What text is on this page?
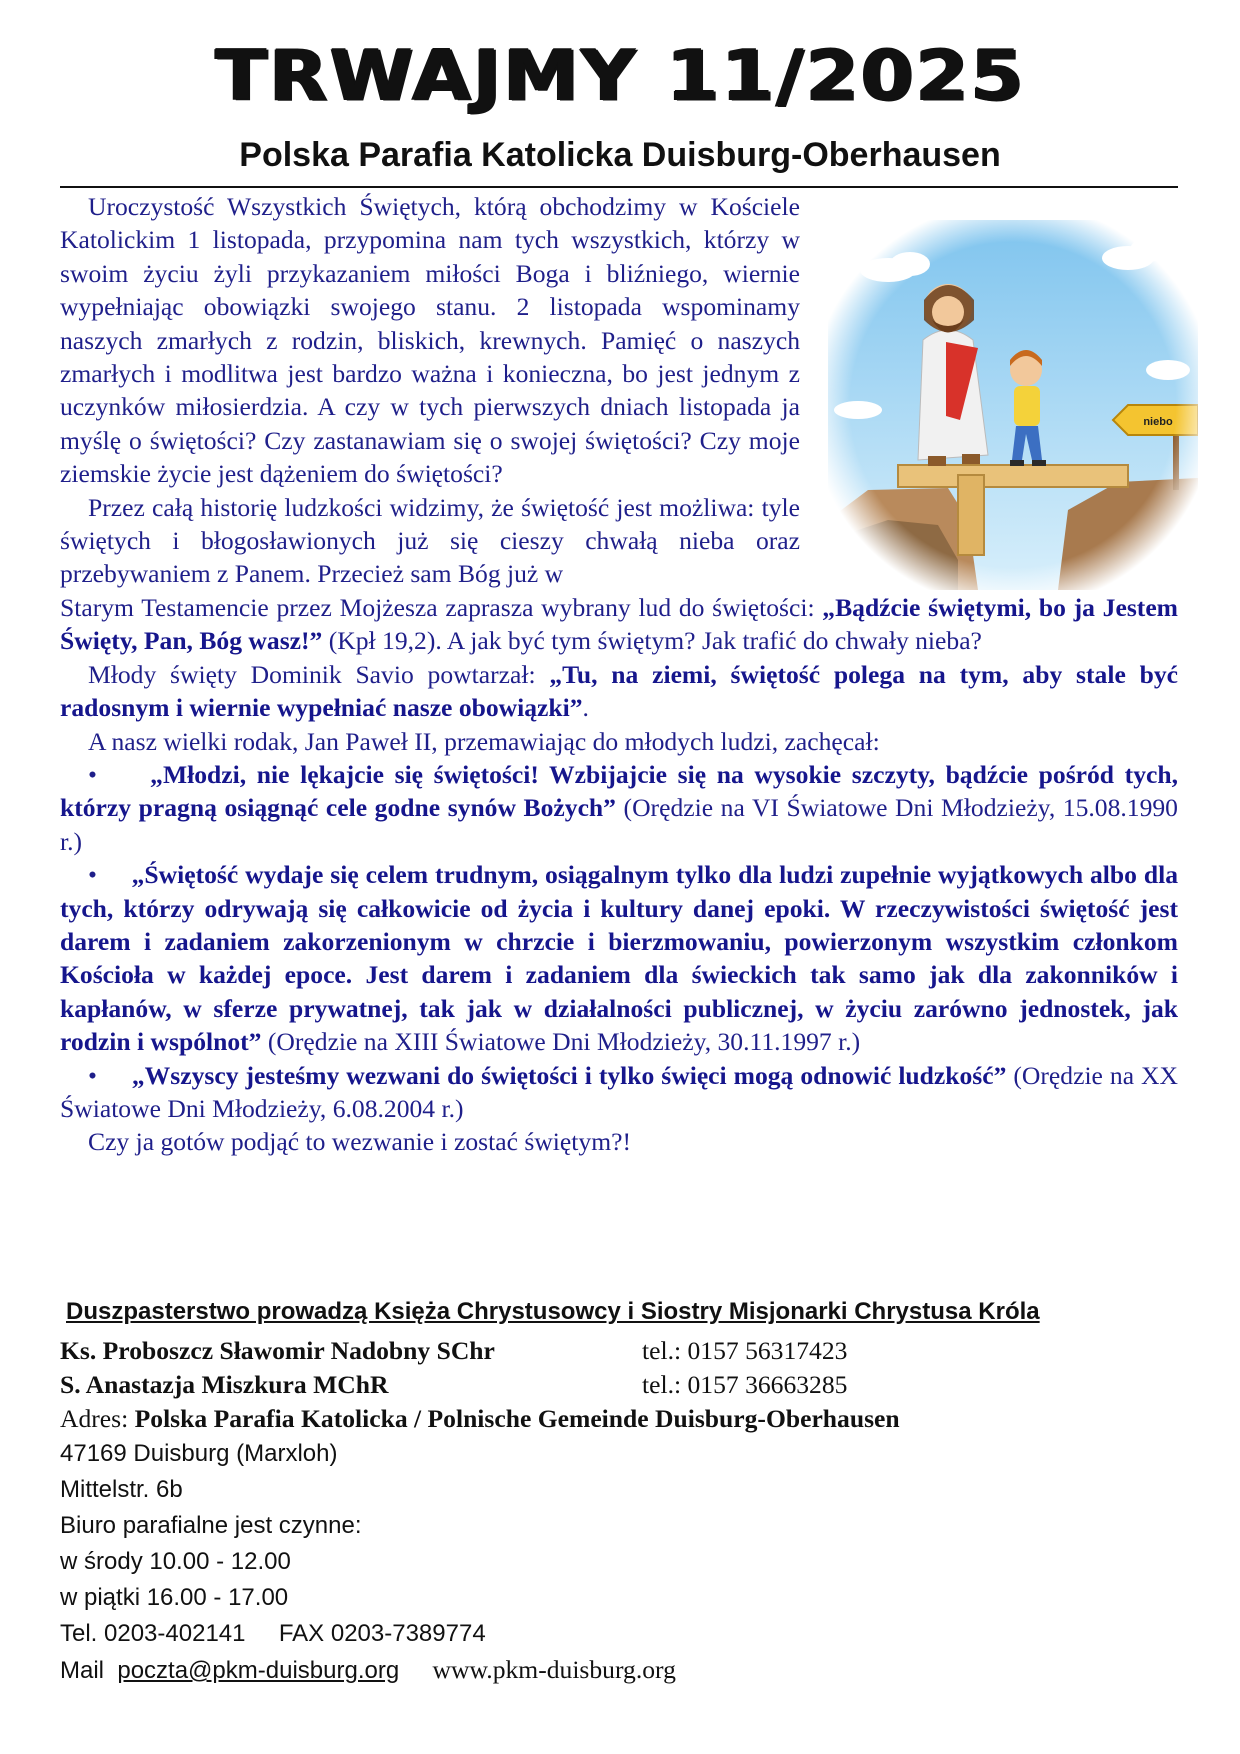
TRWAJMY 11/2025
Polska Parafia Katolicka Duisburg-Oberhausen

Uroczystość Wszystkich Świętych, którą obchodzimy w Kościele Katolickim 1 listopada, przypomina nam tych wszystkich, którzy w swoim życiu żyli przykazaniem miłości Boga i bliźniego, wiernie wypełniając obowiązki swojego stanu. 2 listopada wspominamy naszych zmarłych z rodzin, bliskich, krewnych. Pamięć o naszych zmarłych i modlitwa jest bardzo ważna i konieczna, bo jest jednym z uczynków miłosierdzia. A czy w tych pierwszych dniach listopada ja myślę o świętości? Czy zastanawiam się o swojej świętości? Czy moje ziemskie życie jest dążeniem do świętości?

Przez całą historię ludzkości widzimy, że świętość jest możliwa: tyle świętych i błogosławionych już się cieszy chwałą nieba oraz przebywaniem z Panem. Przecież sam Bóg już w

Starym Testamencie przez Mojżesza zaprasza wybrany lud do świętości: „Bądźcie świętymi, bo ja Jestem Święty, Pan, Bóg wasz!” (Kpł 19,2). A jak być tym świętym? Jak trafić do chwały nieba?

Młody święty Dominik Savio powtarzał: „Tu, na ziemi, świętość polega na tym, aby stale być radosnym i wiernie wypełniać nasze obowiązki”.

A nasz wielki rodak, Jan Paweł II, przemawiając do młodych ludzi, zachęcał:

•     „Młodzi, nie lękajcie się świętości! Wzbijajcie się na wysokie szczyty, bądźcie pośród tych, którzy pragną osiągnąć cele godne synów Bożych” (Orędzie na VI Światowe Dni Młodzieży, 15.08.1990 r.)

•     „Świętość wydaje się celem trudnym, osiągalnym tylko dla ludzi zupełnie wyjątkowych albo dla tych, którzy odrywają się całkowicie od życia i kultury danej epoki. W rzeczywistości świętość jest darem i zadaniem zakorzenionym w chrzcie i bierzmowaniu, powierzonym wszystkim członkom Kościoła w każdej epoce. Jest darem i zadaniem dla świeckich tak samo jak dla zakonników i kapłanów, w sferze prywatnej, tak jak w działalności publicznej, w życiu zarówno jednostek, jak rodzin i wspólnot” (Orędzie na XIII Światowe Dni Młodzieży, 30.11.1997 r.)

•     „Wszyscy jesteśmy wezwani do świętości i tylko święci mogą odnowić ludzkość” (Orędzie na XX Światowe Dni Młodzieży, 6.08.2004 r.)

Czy ja gotów podjąć to wezwanie i zostać świętym?!

Duszpasterstwo prowadzą Księża Chrystusowcy i Siostry Misjonarki Chrystusa Króla
Ks. Proboszcz Sławomir Nadobny SChr	tel.: 0157 56317423
S. Anastazja Miszkura MChR	tel.: 0157 36663285
Adres:
Polska Parafia Katolicka / Polnische Gemeinde Duisburg-Oberhausen
47169 Duisburg (Marxloh)
Mittelstr. 6b
Biuro parafialne jest czynne:
w środy 10.00 - 12.00
w piątki 16.00 - 17.00
Tel. 0203-402141 FAX 0203-7389774
Mail  poczta@pkm-duisburg.org www.pkm-duisburg.org
